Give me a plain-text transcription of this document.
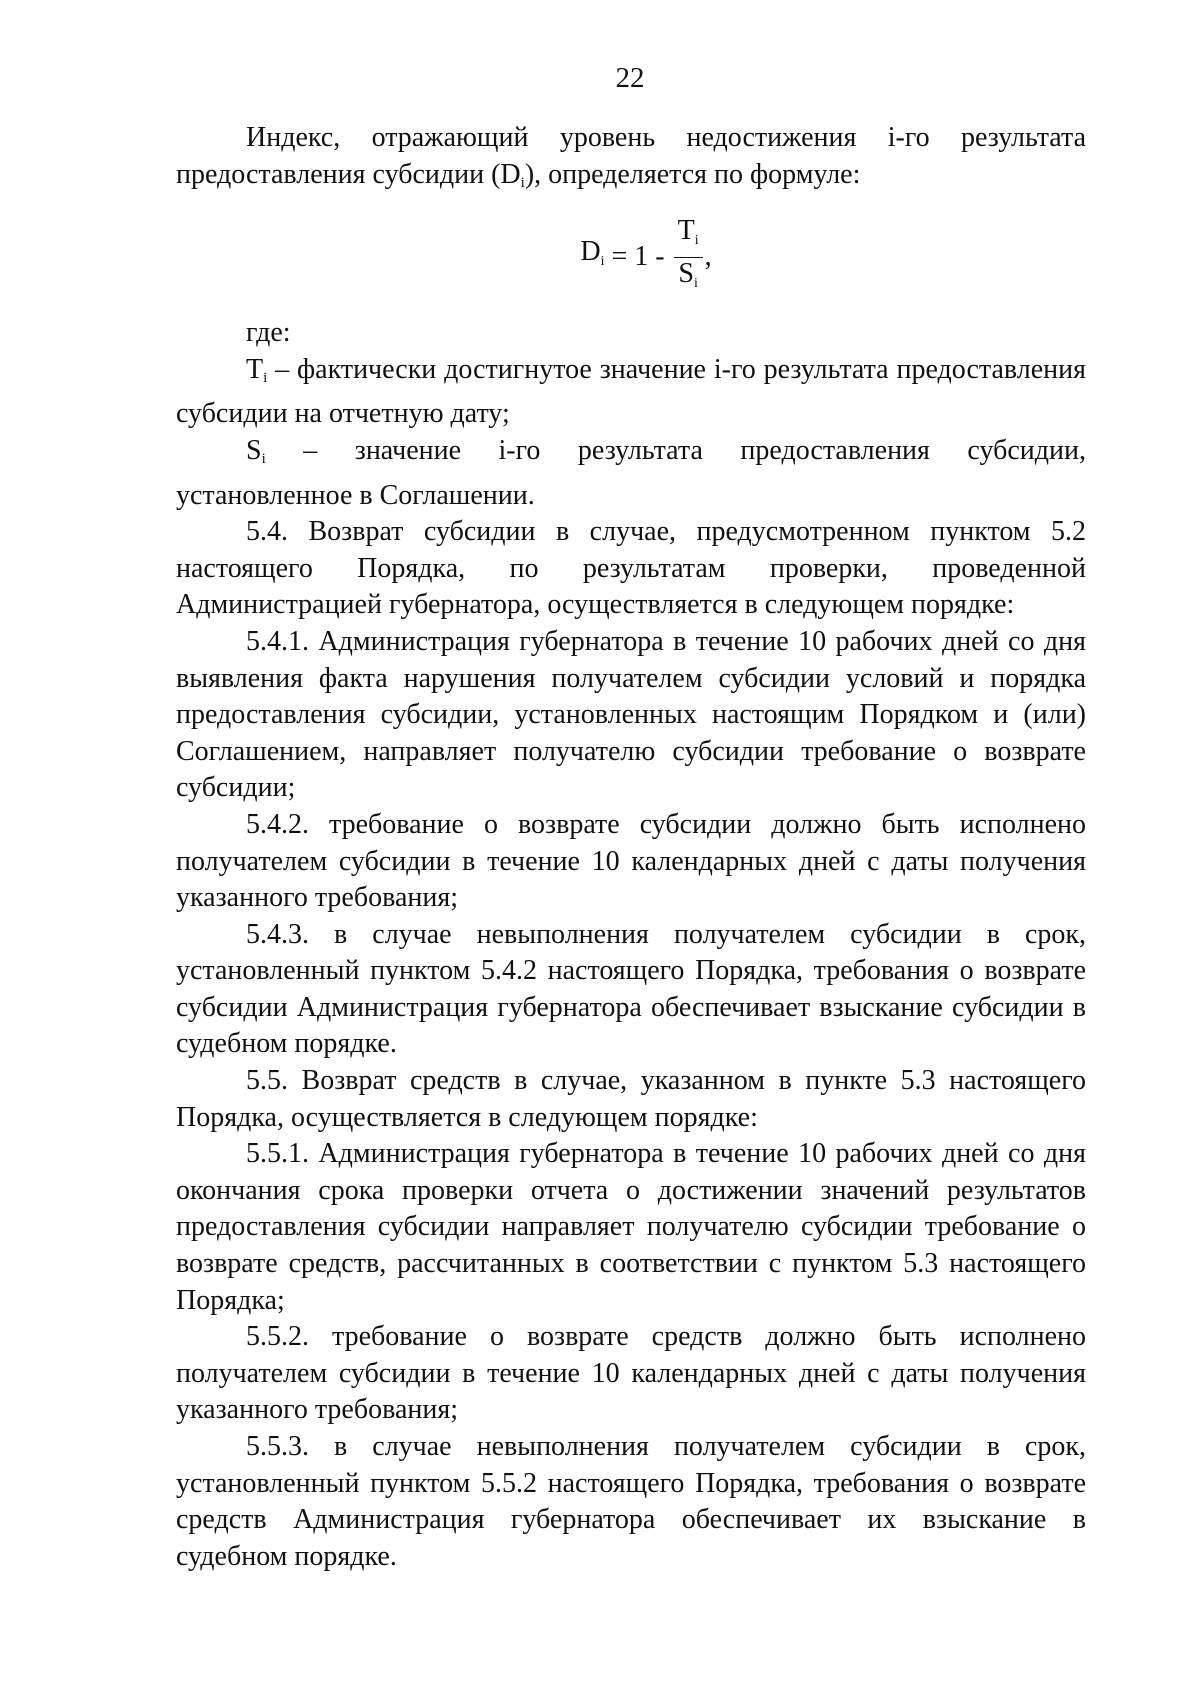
22

Индекс, отражающий уровень недостижения i-го результата предоставления субсидии $(D_i)$, определяется по формуле:

$Di = 1 - \frac{Ti}{Si}$ ,

где:

$T_i$ – фактически достигнутое значение i-го результата предоставления субсидии на отчетную дату;

$S_i$ – значение i-го результата предоставления субсидии, установленное в Соглашении.

5.4. Возврат субсидии в случае, предусмотренном пунктом 5.2 настоящего Порядка, по результатам проверки, проведенной Администрацией губернатора, осуществляется в следующем порядке:

5.4.1. Администрация губернатора в течение 10 рабочих дней со дня выявления факта нарушения получателем субсидии условий и порядка предоставления субсидии, установленных настоящим Порядком и (или) Соглашением, направляет получателю субсидии требование о возврате субсидии;

5.4.2. требование о возврате субсидии должно быть исполнено получателем субсидии в течение 10 календарных дней с даты получения указанного требования;

5.4.3. в случае невыполнения получателем субсидии в срок, установленный пунктом 5.4.2 настоящего Порядка, требования о возврате субсидии Администрация губернатора обеспечивает взыскание субсидии в судебном порядке.

5.5. Возврат средств в случае, указанном в пункте 5.3 настоящего Порядка, осуществляется в следующем порядке:

5.5.1. Администрация губернатора в течение 10 рабочих дней со дня окончания срока проверки отчета о достижении значений результатов предоставления субсидии направляет получателю субсидии требование о возврате средств, рассчитанных в соответствии с пунктом 5.3 настоящего Порядка;

5.5.2. требование о возврате средств должно быть исполнено получателем субсидии в течение 10 календарных дней с даты получения указанного требования;

5.5.3. в случае невыполнения получателем субсидии в срок, установленный пунктом 5.5.2 настоящего Порядка, требования о возврате средств Администрация губернатора обеспечивает их взыскание в судебном порядке.
